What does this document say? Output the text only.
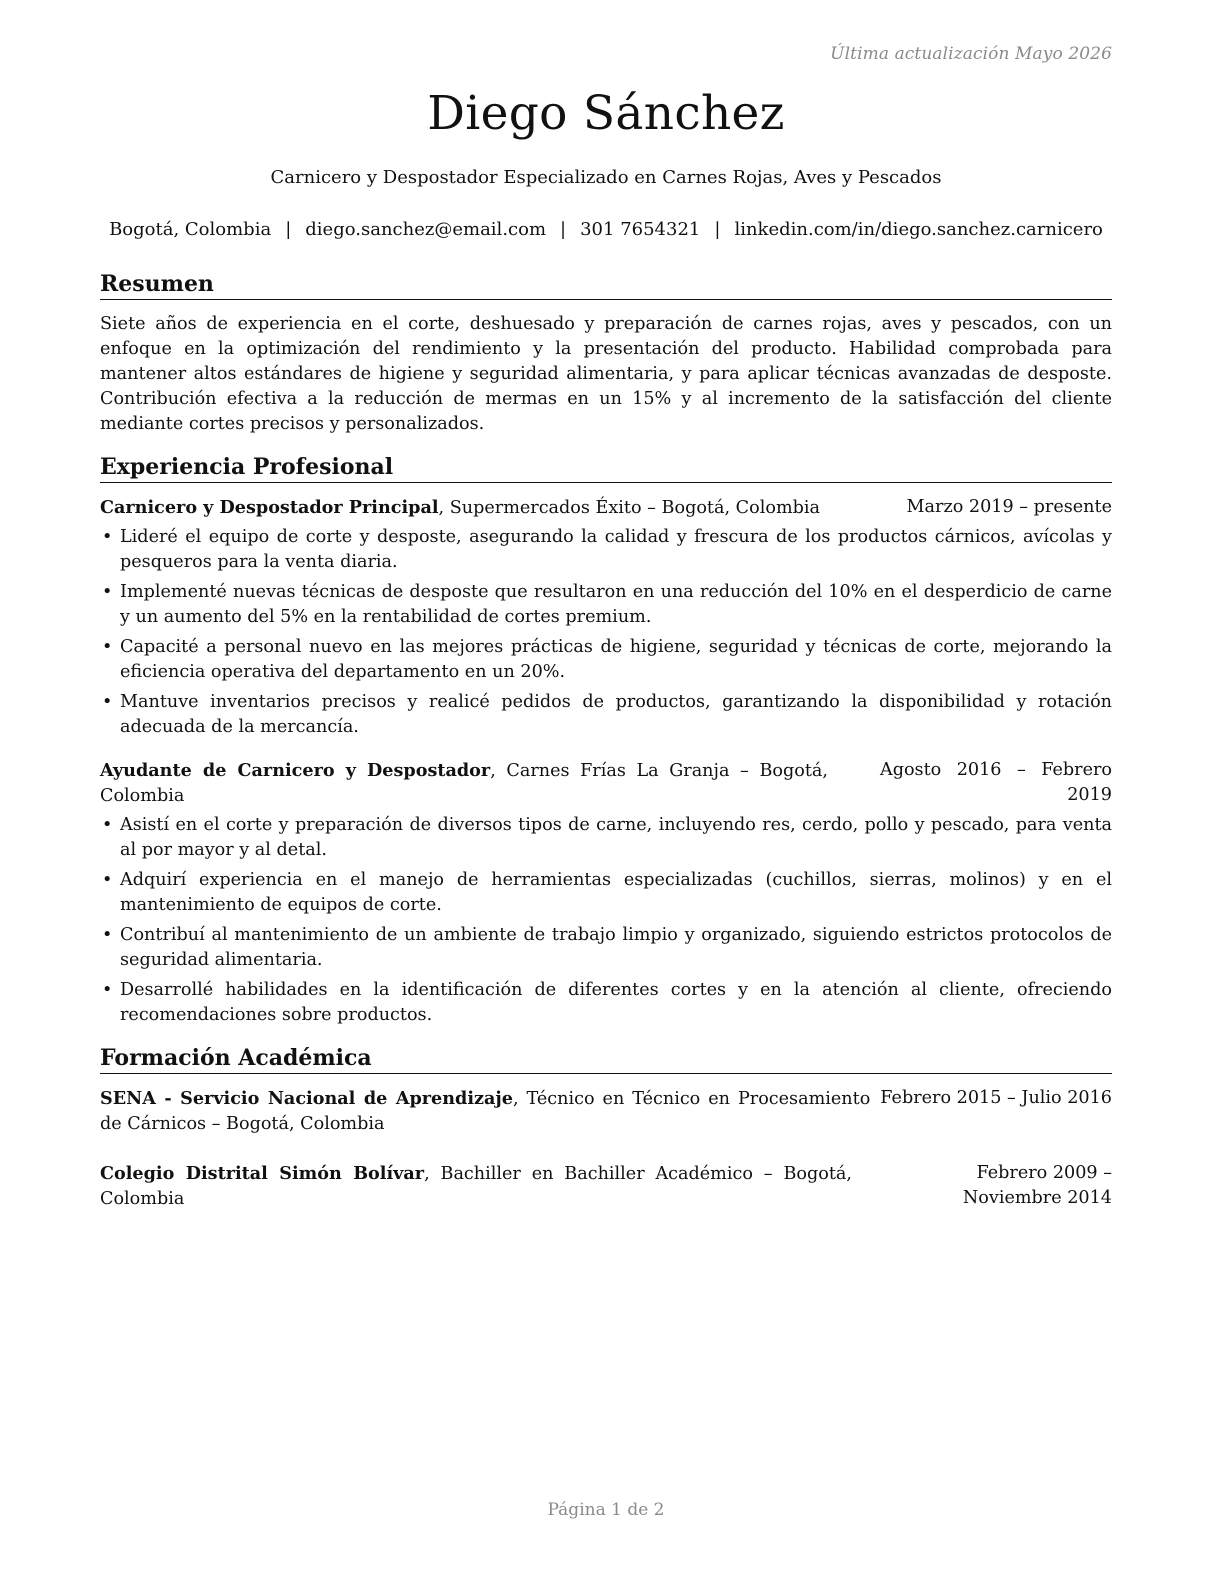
Última actualización Mayo 2026
Diego Sánchez
Carnicero y Despostador Especializado en Carnes Rojas, Aves y Pescados
Bogotá, Colombia | diego.sanchez@email.com | 301 7654321 | linkedin.com/in/diego.sanchez.carnicero
Resumen

Siete años de experiencia en el corte, deshuesado y preparación de carnes rojas, aves y pescados, con un enfoque en la optimización del rendimiento y la presentación del producto. Habilidad comprobada para mantener altos estándares de higiene y seguridad alimentaria, y para aplicar técnicas avanzadas de desposte. Contribución efectiva a la reducción de mermas en un 15% y al incremento de la satisfacción del cliente mediante cortes precisos y personalizados.

Experiencia Profesional
Carnicero y Despostador Principal, Supermercados Éxito – Bogotá, Colombia	Marzo 2019 – presente
• Lideré el equipo de corte y desposte, asegurando la calidad y frescura de los productos cárnicos, avícolas y pesqueros para la venta diaria.
• Implementé nuevas técnicas de desposte que resultaron en una reducción del 10% en el desperdicio de carne y un aumento del 5% en la rentabilidad de cortes premium.
• Capacité a personal nuevo en las mejores prácticas de higiene, seguridad y técnicas de corte, mejorando la eficiencia operativa del departamento en un 20%.
• Mantuve inventarios precisos y realicé pedidos de productos, garantizando la disponibilidad y rotación adecuada de la mercancía.
Ayudante de Carnicero y Despostador, Carnes Frías La Granja – Bogotá, Colombia
Agosto 2016 – Febrero 2019
• Asistí en el corte y preparación de diversos tipos de carne, incluyendo res, cerdo, pollo y pescado, para venta al por mayor y al detal.
• Adquirí experiencia en el manejo de herramientas especializadas (cuchillos, sierras, molinos) y en el mantenimiento de equipos de corte.
• Contribuí al mantenimiento de un ambiente de trabajo limpio y organizado, siguiendo estrictos protocolos de seguridad alimentaria.
• Desarrollé habilidades en la identificación de diferentes cortes y en la atención al cliente, ofreciendo recomendaciones sobre productos.
Formación Académica
SENA - Servicio Nacional de Aprendizaje, Técnico en Técnico en Procesamiento de Cárnicos – Bogotá, Colombia
Febrero 2015 – Julio 2016
Colegio Distrital Simón Bolívar, Bachiller en Bachiller Académico – Bogotá, Colombia
Febrero 2009 – Noviembre 2014
Página 1 de 2
